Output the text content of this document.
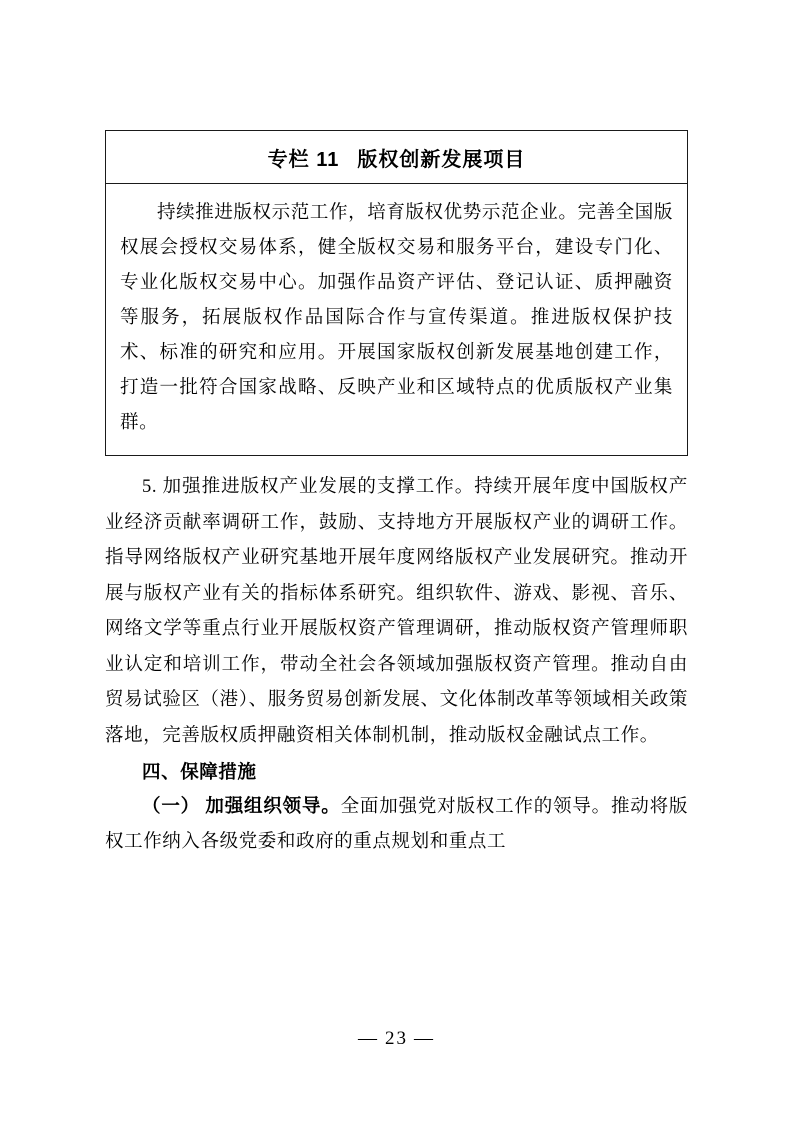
专栏 11 版权创新发展项目

持续推进版权示范工作，培育版权优势示范企业。完善全国版权展会授权交易体系，健全版权交易和服务平台，建设专门化、专业化版权交易中心。加强作品资产评估、登记认证、质押融资等服务，拓展版权作品国际合作与宣传渠道。推进版权保护技术、标准的研究和应用。开展国家版权创新发展基地创建工作，打造一批符合国家战略、反映产业和区域特点的优质版权产业集群。

5. 加强推进版权产业发展的支撑工作。持续开展年度中国版权产业经济贡献率调研工作，鼓励、支持地方开展版权产业的调研工作。指导网络版权产业研究基地开展年度网络版权产业发展研究。推动开展与版权产业有关的指标体系研究。组织软件、游戏、影视、音乐、网络文学等重点行业开展版权资产管理调研，推动版权资产管理师职业认定和培训工作，带动全社会各领域加强版权资产管理。推动自由贸易试验区（港）、服务贸易创新发展、文化体制改革等领域相关政策落地，完善版权质押融资相关体制机制，推动版权金融试点工作。

四、保障措施

（一） 加强组织领导。全面加强党对版权工作的领导。推动将版权工作纳入各级党委和政府的重点规划和重点工

— 23 —
